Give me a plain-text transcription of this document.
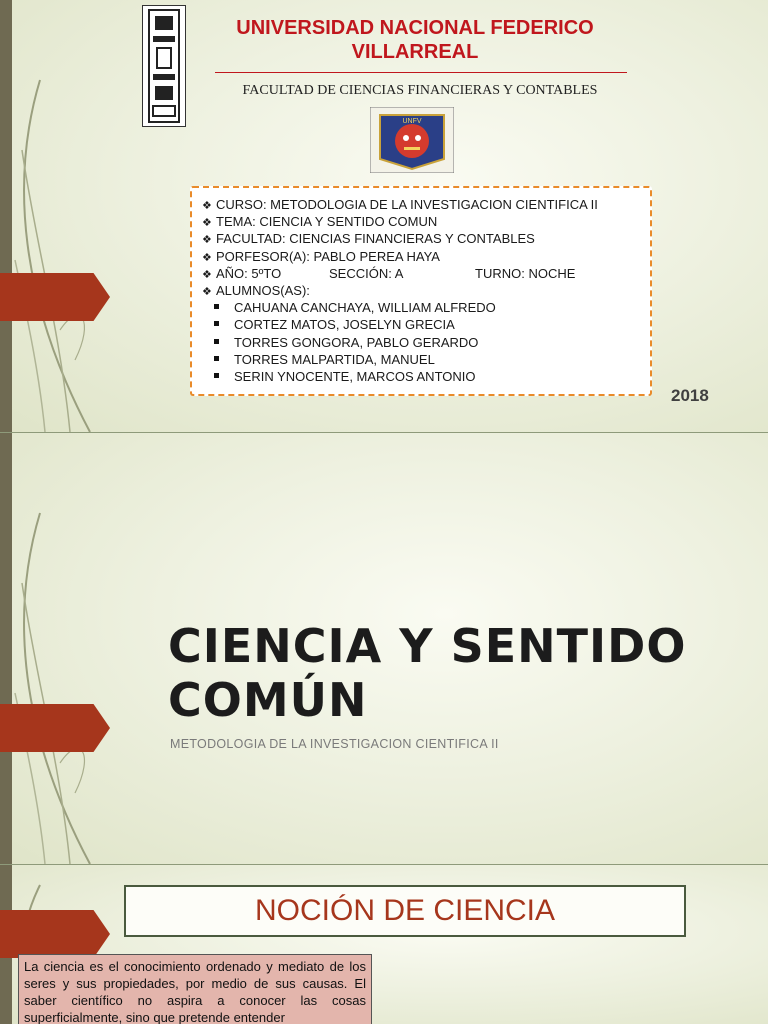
UNIVERSIDAD NACIONAL FEDERICO VILLARREAL
FACULTAD DE CIENCIAS FINANCIERAS Y CONTABLES
UNFV
❖ CURSO: METODOLOGIA DE LA INVESTIGACION CIENTIFICA II
❖ TEMA: CIENCIA Y SENTIDO COMUN
❖ FACULTAD: CIENCIAS FINANCIERAS Y CONTABLES
❖ PORFESOR(A): PABLO PEREA HAYA
❖ AÑO: 5ºTO	SECCIÓN: A	TURNO: NOCHE
❖ ALUMNOS(AS):
CAHUANA CANCHAYA, WILLIAM ALFREDO
CORTEZ MATOS, JOSELYN GRECIA
TORRES GONGORA, PABLO GERARDO
TORRES MALPARTIDA, MANUEL
SERIN YNOCENTE, MARCOS ANTONIO
2018
CIENCIA Y SENTIDO
COMÚN
METODOLOGIA DE LA INVESTIGACION CIENTIFICA II
NOCIÓN DE CIENCIA
La ciencia es el conocimiento ordenado y mediato de los seres y sus propiedades, por medio de sus causas. El saber científico no aspira a conocer las cosas superficialmente, sino que pretende entender
